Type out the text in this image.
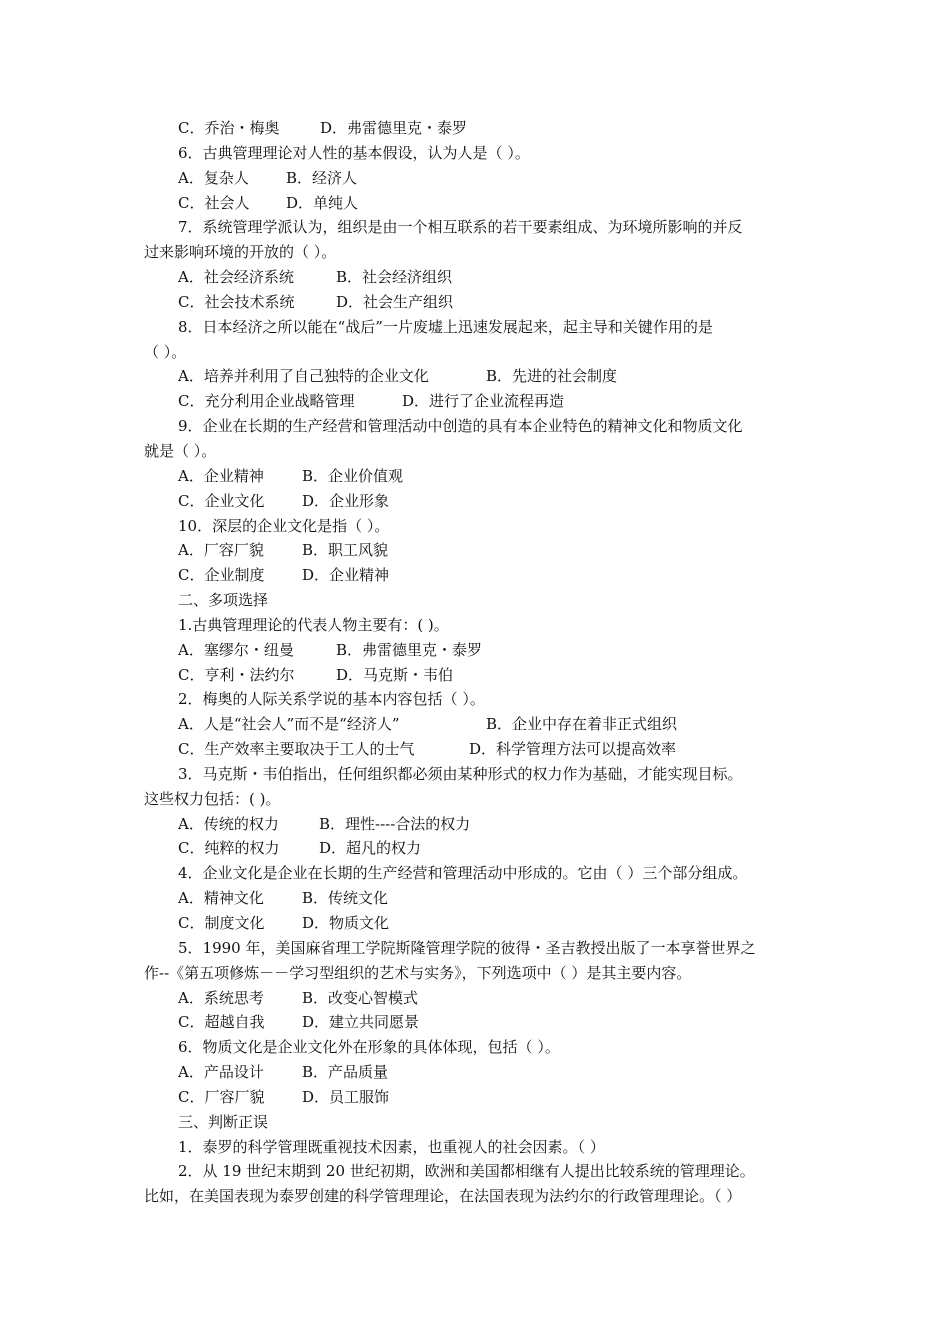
C．乔治・梅奥	D．弗雷德里克・泰罗
6．古典管理理论对人性的基本假设，认为人是（ ）。
A．复杂人 B．经济人
C．社会人 D．单纯人
7．系统管理学派认为，组织是由一个相互联系的若干要素组成、为环境所影响的并反
过来影响环境的开放的（ ）。
A．社会经济系统	B．社会经济组织
C．社会技术系统	D．社会生产组织
8．日本经济之所以能在“战后”一片废墟上迅速发展起来，起主导和关键作用的是
（ ）。
A．培养并利用了自己独特的企业文化	B．先进的社会制度
C．充分利用企业战略管理	D．进行了企业流程再造
9．企业在长期的生产经营和管理活动中创造的具有本企业特色的精神文化和物质文化
就是（ ）。
A．企业精神	B．企业价值观
C．企业文化	D．企业形象
10．深层的企业文化是指（ ）。
A．厂容厂貌	B．职工风貌
C．企业制度	D．企业精神
二、多项选择
1.古典管理理论的代表人物主要有：( )。
A．塞缪尔・纽曼	B．弗雷德里克・泰罗
C．亨利・法约尔	D．马克斯・韦伯
2．梅奥的人际关系学说的基本内容包括（ ）。
A．人是“社会人”而不是“经济人”	B．企业中存在着非正式组织
C．生产效率主要取决于工人的士气	D．科学管理方法可以提高效率
3．马克斯・韦伯指出，任何组织都必须由某种形式的权力作为基础，才能实现目标。
这些权力包括：( )。
A．传统的权力	B．理性----合法的权力
C．纯粹的权力	D．超凡的权力
4．企业文化是企业在长期的生产经营和管理活动中形成的。它由（ ）三个部分组成。
A．精神文化	B．传统文化
C．制度文化	D．物质文化
5．1990 年，美国麻省理工学院斯隆管理学院的彼得・圣吉教授出版了一本享誉世界之
作--《第五项修炼－－学习型组织的艺术与实务》，下列选项中（ ）是其主要内容。
A．系统思考	B．改变心智模式
C．超越自我	D．建立共同愿景
6．物质文化是企业文化外在形象的具体体现，包括（ ）。
A．产品设计	B．产品质量
C．厂容厂貌	D．员工服饰
三、判断正误
1．泰罗的科学管理既重视技术因素，也重视人的社会因素。（ ）
2．从 19 世纪末期到 20 世纪初期，欧洲和美国都相继有人提出比较系统的管理理论。
比如，在美国表现为泰罗创建的科学管理理论，在法国表现为法约尔的行政管理理论。（ ）
